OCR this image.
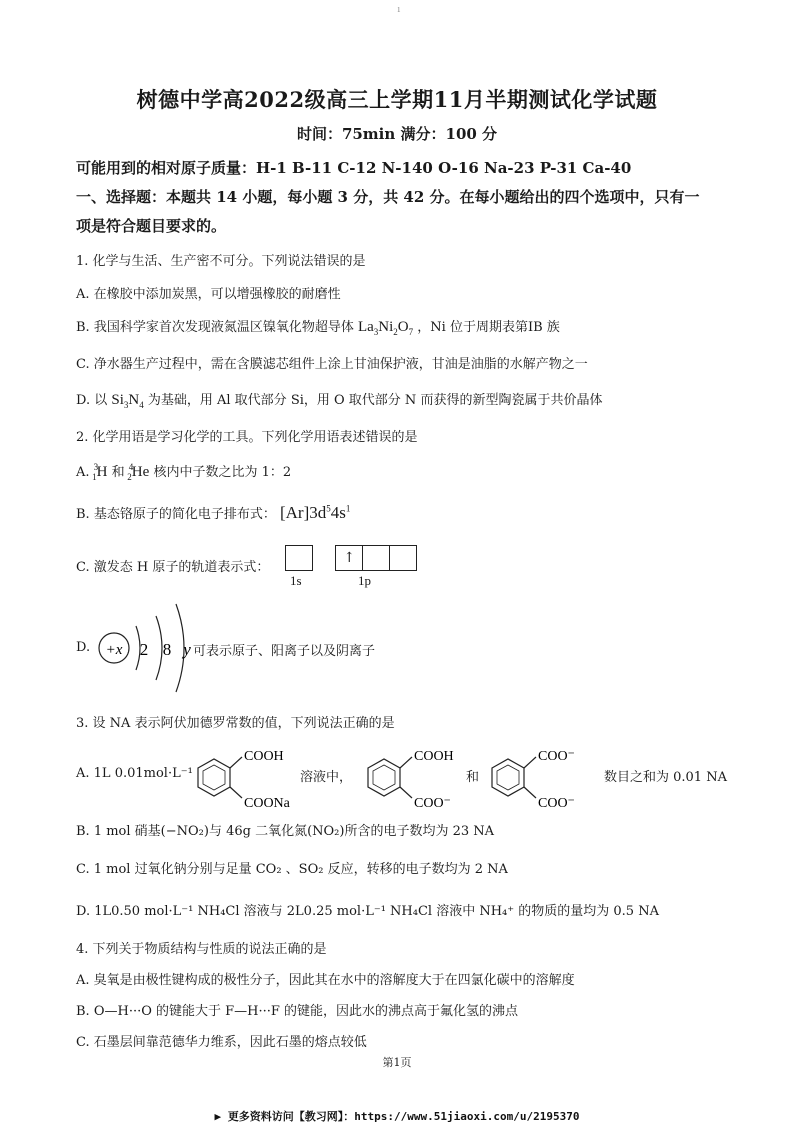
1
树德中学高2022级高三上学期11月半期测试化学试题
时间：75min 满分：100 分
可能用到的相对原子质量：H-1 B-11 C-12 N-140 O-16 Na-23 P-31 Ca-40
一、选择题：本题共 14 小题，每小题 3 分，共 42 分。在每小题给出的四个选项中，只有一
项是符合题目要求的。
1. 化学与生活、生产密不可分。下列说法错误的是
A. 在橡胶中添加炭黑，可以增强橡胶的耐磨性
B. 我国科学家首次发现液氮温区镍氧化物超导体 $La_3Ni_2O_7$ ，Ni 位于周期表第ⅠB 族
C. 净水器生产过程中，需在含膜滤芯组件上涂上甘油保护液，甘油是油脂的水解产物之一
D. 以 $Si_3N_4$ 为基础，用 Al 取代部分 Si，用 O 取代部分 N 而获得的新型陶瓷属于共价晶体
2. 化学用语是学习化学的工具。下列化学用语表述错误的是
A. $^3_1$H 和 $^4_2$He 核内中子数之比为 1：2
B. 基态铬原子的简化电子排布式： $[Ar]3d^54s^1$
C. 激发态 H 原子的轨道表示式：
↑
1s	1p
D. +x 2 8 y 可表示原子、阳离子以及阴离子
3. 设 NA 表示阿伏加德罗常数的值，下列说法正确的是
A. 1L 0.01mol·L⁻¹
COOH
COONa
溶液中，
COOH
COO⁻
和
COO⁻
COO⁻
数目之和为 0.01 NA
B. 1 mol 硝基(−NO₂)与 46g 二氧化氮(NO₂)所含的电子数均为 23 NA
C. 1 mol 过氧化钠分别与足量 CO₂ 、SO₂ 反应，转移的电子数均为 2 NA
D. 1L0.50 mol·L⁻¹ NH₄Cl 溶液与 2L0.25 mol·L⁻¹ NH₄Cl 溶液中 NH₄⁺ 的物质的量均为 0.5 NA
4. 下列关于物质结构与性质的说法正确的是
A. 臭氧是由极性键构成的极性分子，因此其在水中的溶解度大于在四氯化碳中的溶解度
B. O—H···O 的键能大于 F—H···F 的键能，因此水的沸点高于氟化氢的沸点
C. 石墨层间靠范德华力维系，因此石墨的熔点较低
第1页
▶ 更多资料访问【教习网】：https://www.51jiaoxi.com/u/2195370
